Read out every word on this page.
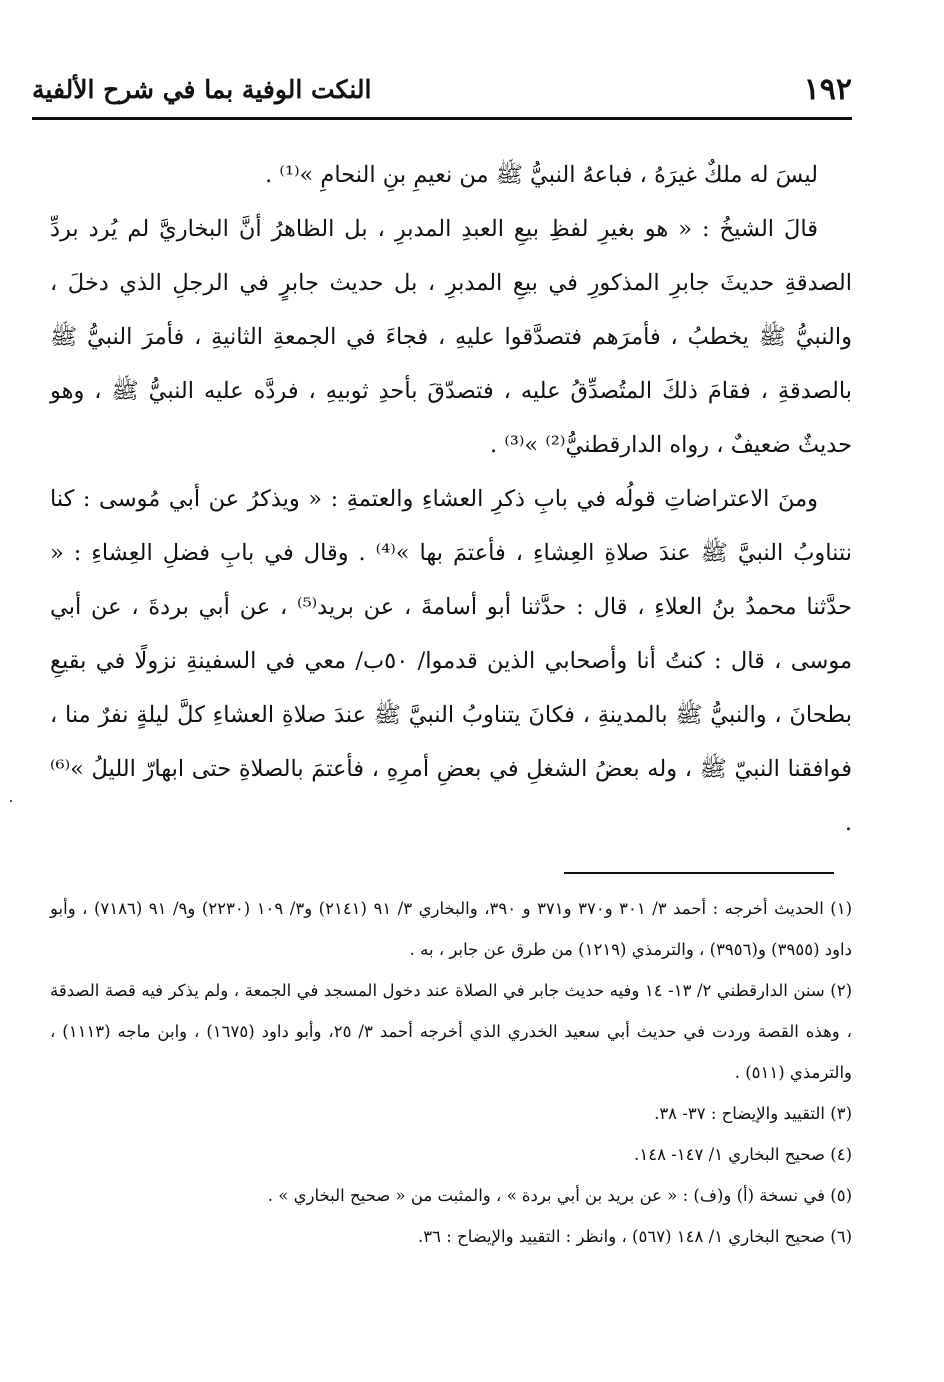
١٩٢
النكت الوفية بما في شرح الألفية

ليسَ له ملكٌ غيرَهُ ، فباعهُ النبيُّ ﷺ من نعيمِ بنِ النحامِ »⁽¹⁾ .

قالَ الشيخُ : « هو بغيرِ لفظِ بيعِ العبدِ المدبرِ ، بل الظاهرُ أنَّ البخاريَّ لم يُرد بردِّ الصدقةِ حديثَ جابرِ المذكورِ في بيعِ المدبرِ ، بل حديث جابرٍ في الرجلِ الذي دخلَ ، والنبيُّ ﷺ يخطبُ ، فأمرَهم فتصدَّقوا عليهِ ، فجاءَ في الجمعةِ الثانيةِ ، فأمرَ النبيُّ ﷺ بالصدقةِ ، فقامَ ذلكَ المتُصدِّقُ عليه ، فتصدّقَ بأحدِ ثوبيهِ ، فردَّه عليه النبيُّ ﷺ ، وهو حديثٌ ضعيفٌ ، رواه الدارقطنيُّ⁽²⁾ »⁽³⁾ .

ومنَ الاعتراضاتِ قولُه في بابِ ذكرِ العشاءِ والعتمةِ : « ويذكرُ عن أبي مُوسى : كنا نتناوبُ النبيَّ ﷺ عندَ صلاةِ العِشاءِ ، فأعتمَ بها »⁽⁴⁾ . وقال في بابِ فضلِ العِشاءِ : « حدَّثنا محمدُ بنُ العلاءِ ، قال : حدَّثنا أبو أسامةَ ، عن بريد⁽⁵⁾ ، عن أبي بردةَ ، عن أبي موسى ، قال : كنتُ أنا وأصحابي الذين قدموا/ ٥٠ب/ معي في السفينةِ نزولًا في بقيعِ بطحانَ ، والنبيُّ ﷺ بالمدينةِ ، فكانَ يتناوبُ النبيَّ ﷺ عندَ صلاةِ العشاءِ كلَّ ليلةٍ نفرٌ منا ، فوافقنا النبيّ ﷺ ، وله بعضُ الشغلِ في بعضِ أمرِهِ ، فأعتمَ بالصلاةِ حتى ابهارّ الليلُ »⁽⁶⁾ .

(١) الحديث أخرجه : أحمد ٣/ ٣٠١ و٣٧٠ و٣٧١ و ٣٩٠، والبخاري ٣/ ٩١ (٢١٤١) و٣/ ١٠٩ (٢٢٣٠) و٩/ ٩١ (٧١٨٦) ، وأبو داود (٣٩٥٥) و(٣٩٥٦) ، والترمذي (١٢١٩) من طرق عن جابر ، به .

(٢) سنن الدارقطني ٢/ ١٣- ١٤ وفيه حديث جابر في الصلاة عند دخول المسجد في الجمعة ، ولم يذكر فيه قصة الصدقة ، وهذه القصة وردت في حديث أبي سعيد الخدري الذي أخرجه أحمد ٣/ ٢٥، وأبو داود (١٦٧٥) ، وابن ماجه (١١١٣) ، والترمذي (٥١١) .

(٣) التقييد والإيضاح : ٣٧- ٣٨.

(٤) صحيح البخاري ١/ ١٤٧- ١٤٨.

(٥) في نسخة (أ) و(ف) : « عن بريد بن أبي بردة » ، والمثبت من « صحيح البخاري » .

(٦) صحيح البخاري ١/ ١٤٨ (٥٦٧) ، وانظر : التقييد والإيضاح : ٣٦.
